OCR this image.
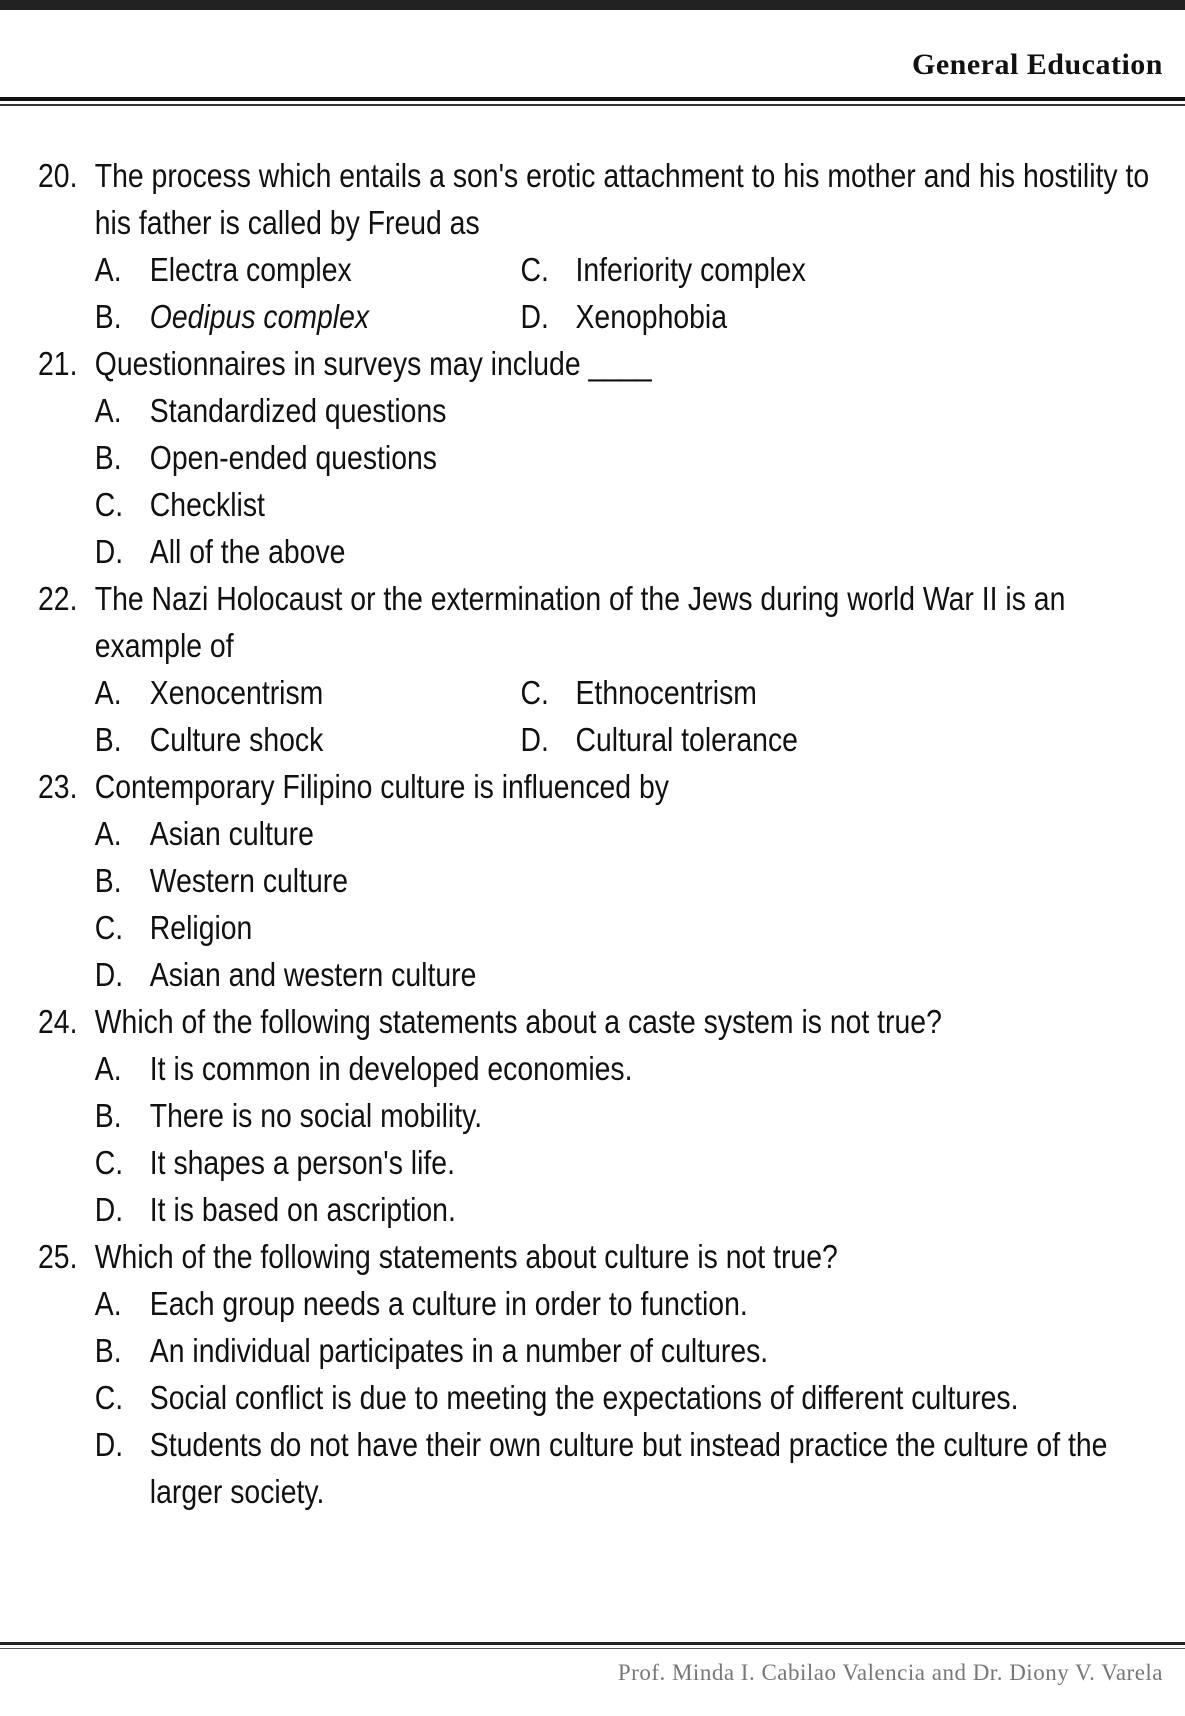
General Education
20. The process which entails a son's erotic attachment to his mother and his hostility to his father is called by Freud as
A. Electra complex	C. Inferiority complex
B. Oedipus complex	D. Xenophobia
21. Questionnaires in surveys may include ____
A. Standardized questions
B. Open-ended questions
C. Checklist
D. All of the above
22. The Nazi Holocaust or the extermination of the Jews during world War II is an example of
A. Xenocentrism	C. Ethnocentrism
B. Culture shock	D. Cultural tolerance
23. Contemporary Filipino culture is influenced by
A. Asian culture
B. Western culture
C. Religion
D. Asian and western culture
24. Which of the following statements about a caste system is not true?
A. It is common in developed economies.
B. There is no social mobility.
C. It shapes a person's life.
D. It is based on ascription.
25. Which of the following statements about culture is not true?
A. Each group needs a culture in order to function.
B. An individual participates in a number of cultures.
C. Social conflict is due to meeting the expectations of different cultures.
D. Students do not have their own culture but instead practice the culture of the larger society.
Prof. Minda I. Cabilao Valencia and Dr. Diony V. Varela
